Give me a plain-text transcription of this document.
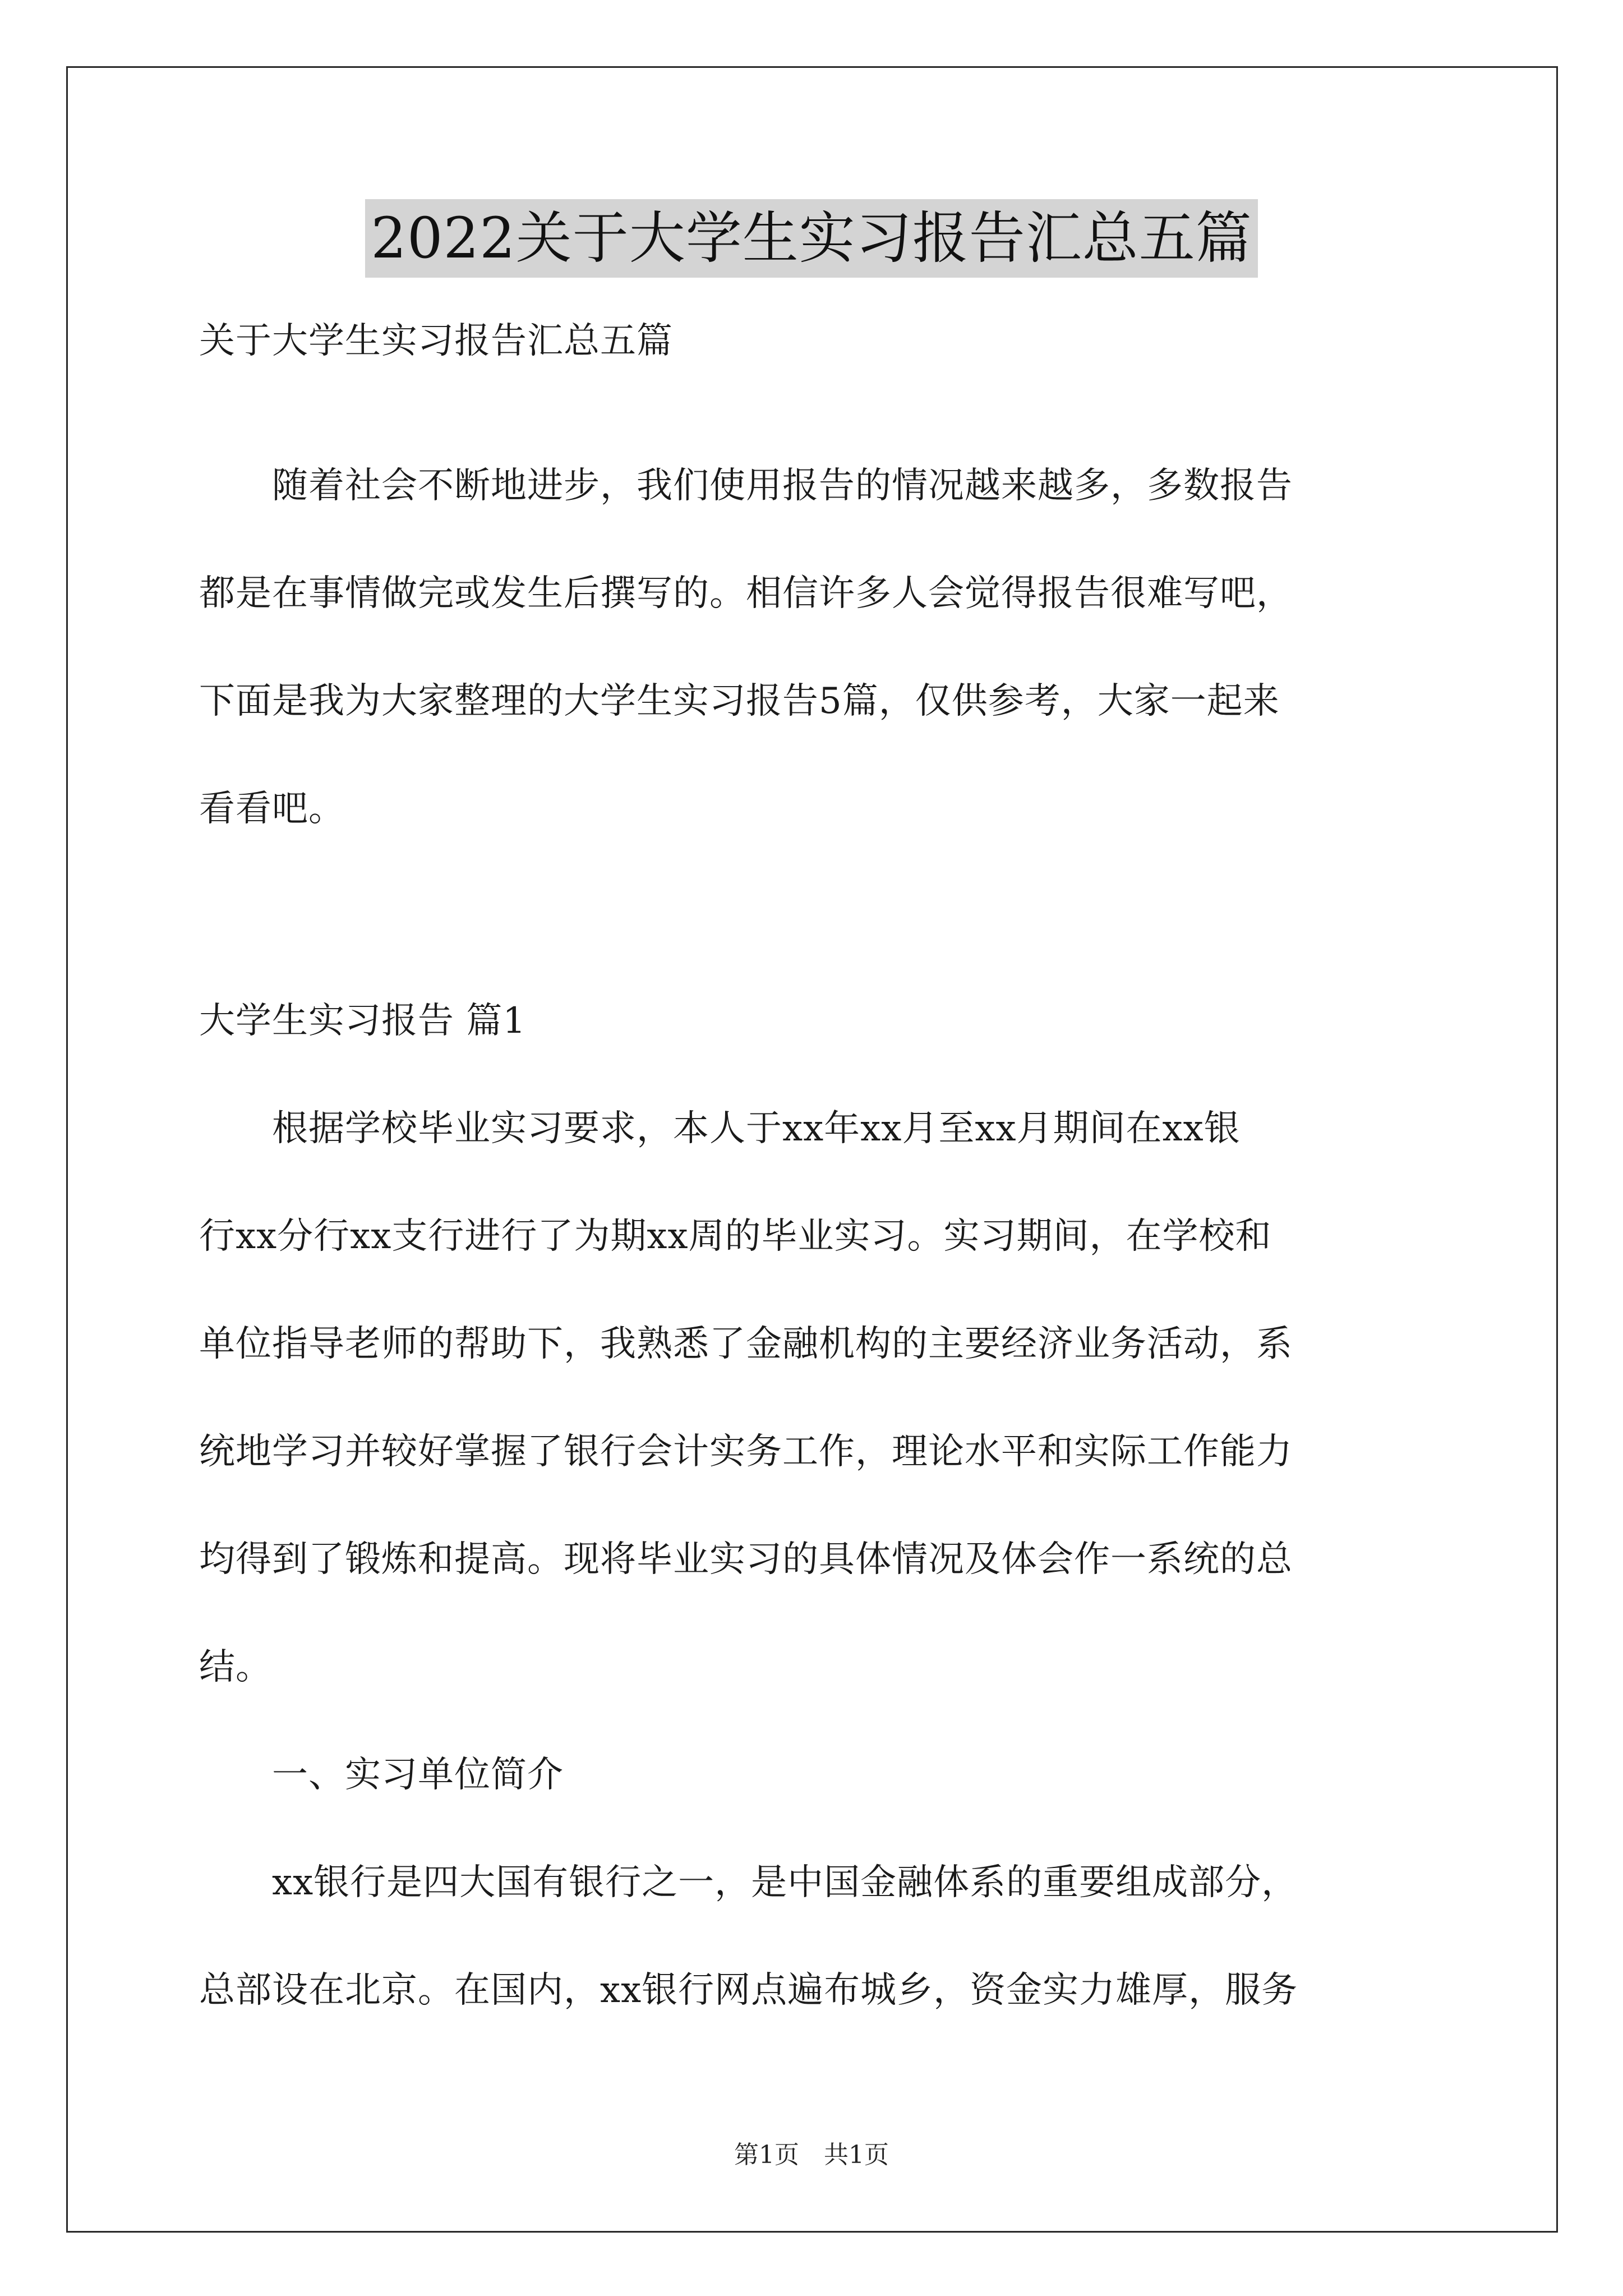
2022关于大学生实习报告汇总五篇

关于大学生实习报告汇总五篇

　　随着社会不断地进步，我们使用报告的情况越来越多，多数报告

都是在事情做完或发生后撰写的。相信许多人会觉得报告很难写吧，

下面是我为大家整理的大学生实习报告5篇，仅供参考，大家一起来

看看吧。

大学生实习报告 篇1

　　根据学校毕业实习要求，本人于xx年xx月至xx月期间在xx银

行xx分行xx支行进行了为期xx周的毕业实习。实习期间，在学校和

单位指导老师的帮助下，我熟悉了金融机构的主要经济业务活动，系

统地学习并较好掌握了银行会计实务工作，理论水平和实际工作能力

均得到了锻炼和提高。现将毕业实习的具体情况及体会作一系统的总

结。

　　一、实习单位简介

　　xx银行是四大国有银行之一，是中国金融体系的重要组成部分，

总部设在北京。在国内，xx银行网点遍布城乡，资金实力雄厚，服务

第1页　共1页
